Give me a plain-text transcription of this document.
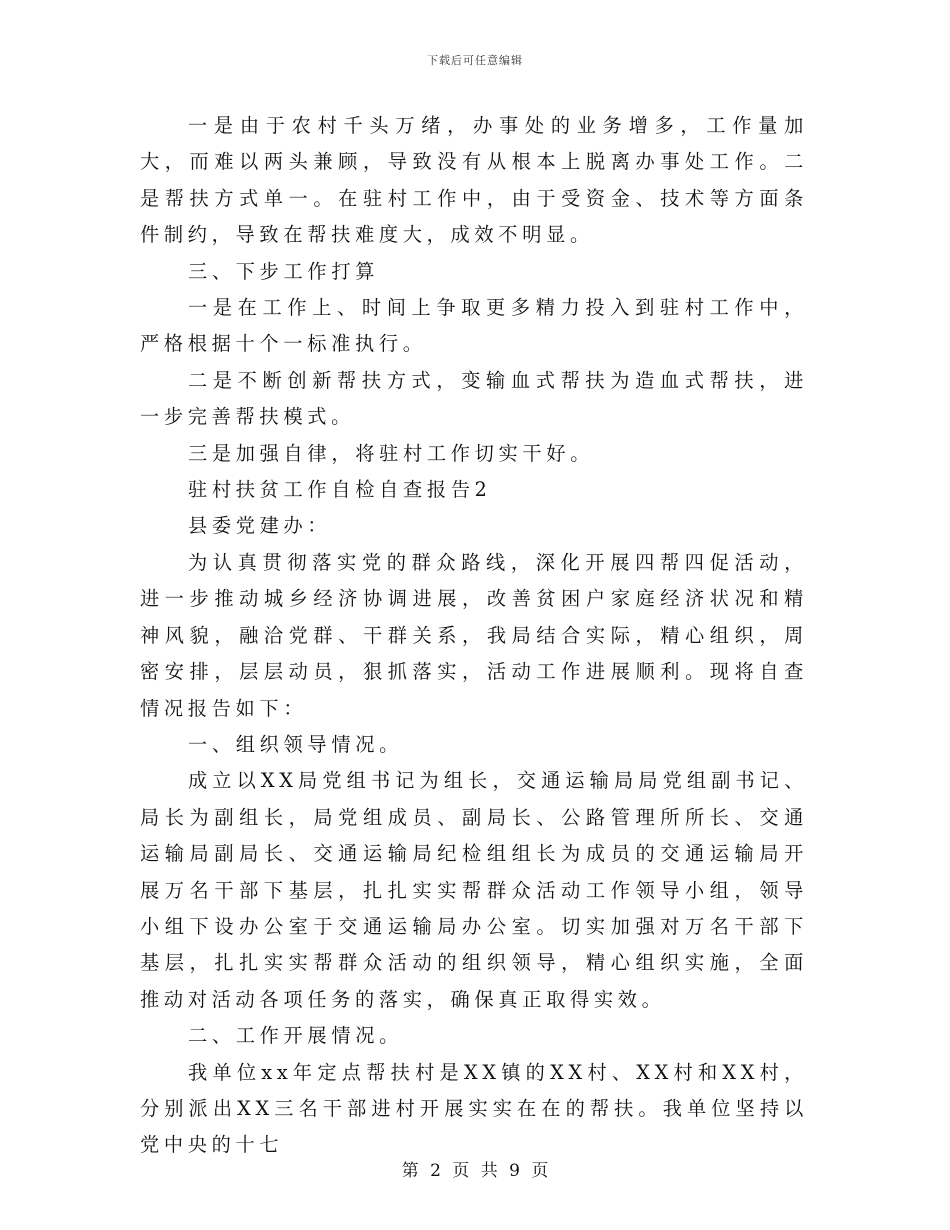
下载后可任意编辑

一是由于农村千头万绪，办事处的业务增多，工作量加大，而难以两头兼顾，导致没有从根本上脱离办事处工作。二是帮扶方式单一。在驻村工作中，由于受资金、技术等方面条件制约，导致在帮扶难度大，成效不明显。

三、下步工作打算

一是在工作上、时间上争取更多精力投入到驻村工作中，严格根据十个一标准执行。

二是不断创新帮扶方式，变输血式帮扶为造血式帮扶，进一步完善帮扶模式。

三是加强自律，将驻村工作切实干好。

驻村扶贫工作自检自查报告2

县委党建办：

为认真贯彻落实党的群众路线，深化开展四帮四促活动，进一步推动城乡经济协调进展，改善贫困户家庭经济状况和精神风貌，融洽党群、干群关系，我局结合实际，精心组织，周密安排，层层动员，狠抓落实，活动工作进展顺利。现将自查情况报告如下：

一、组织领导情况。

成立以XX局党组书记为组长，交通运输局局党组副书记、局长为副组长，局党组成员、副局长、公路管理所所长、交通运输局副局长、交通运输局纪检组组长为成员的交通运输局开展万名干部下基层，扎扎实实帮群众活动工作领导小组，领导小组下设办公室于交通运输局办公室。切实加强对万名干部下基层，扎扎实实帮群众活动的组织领导，精心组织实施，全面推动对活动各项任务的落实，确保真正取得实效。

二、工作开展情况。

我单位xx年定点帮扶村是XX镇的XX村、XX村和XX村，分别派出XX三名干部进村开展实实在在的帮扶。我单位坚持以党中央的十七

第 2 页 共 9 页
